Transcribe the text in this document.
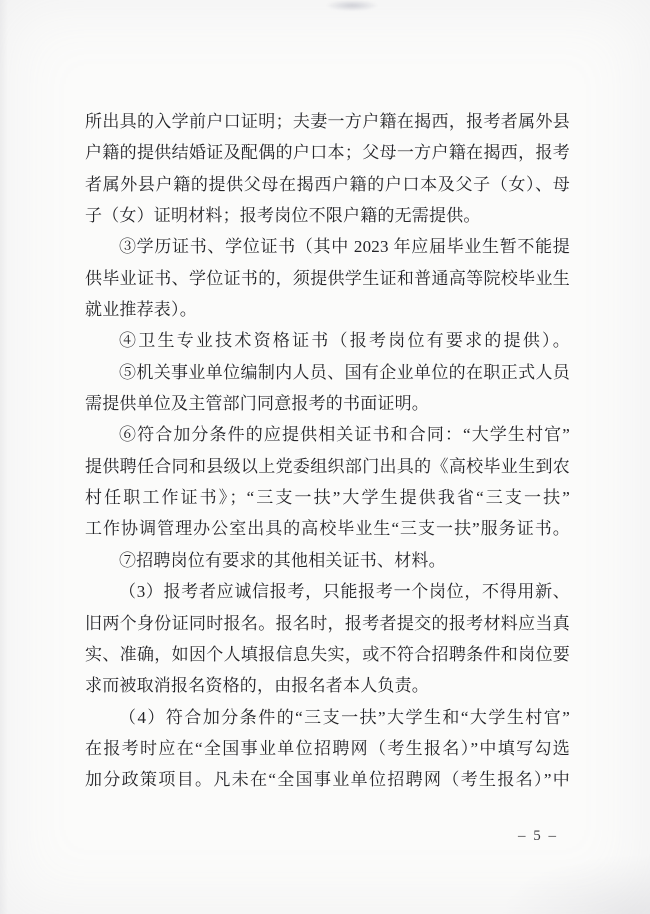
所出具的入学前户口证明；夫妻一方户籍在揭西，报考者属外县
户籍的提供结婚证及配偶的户口本；父母一方户籍在揭西，报考
者属外县户籍的提供父母在揭西户籍的户口本及父子（女）、母
子（女）证明材料；报考岗位不限户籍的无需提供。
③学历证书、学位证书（其中 2023 年应届毕业生暂不能提
供毕业证书、学位证书的，须提供学生证和普通高等院校毕业生
就业推荐表）。
④卫生专业技术资格证书（报考岗位有要求的提供）。
⑤机关事业单位编制内人员、国有企业单位的在职正式人员
需提供单位及主管部门同意报考的书面证明。
⑥符合加分条件的应提供相关证书和合同：“大学生村官”
提供聘任合同和县级以上党委组织部门出具的《高校毕业生到农
村任职工作证书》；“三支一扶”大学生提供我省“三支一扶”
工作协调管理办公室出具的高校毕业生“三支一扶”服务证书。
⑦招聘岗位有要求的其他相关证书、材料。
（3）报考者应诚信报考，只能报考一个岗位，不得用新、
旧两个身份证同时报名。报名时，报考者提交的报考材料应当真
实、准确，如因个人填报信息失实，或不符合招聘条件和岗位要
求而被取消报名资格的，由报名者本人负责。
（4）符合加分条件的“三支一扶”大学生和“大学生村官”
在报考时应在“全国事业单位招聘网（考生报名）”中填写勾选
加分政策项目。凡未在“全国事业单位招聘网（考生报名）”中
– 5 –
